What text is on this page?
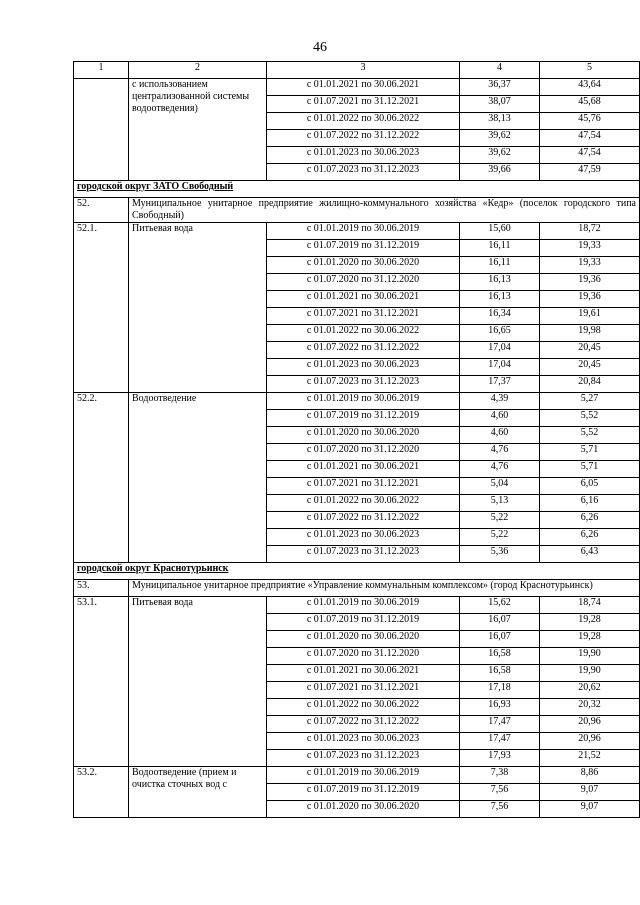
46
1	2	3	4	5
	с использованием централизованной системы водоотведения)	с 01.01.2021 по 30.06.2021	36,37	43,64
		с 01.07.2021 по 31.12.2021	38,07	45,68
		с 01.01.2022 по 30.06.2022	38,13	45,76
		с 01.07.2022 по 31.12.2022	39,62	47,54
		с 01.01.2023 по 30.06.2023	39,62	47,54
		с 01.07.2023 по 31.12.2023	39,66	47,59
городской округ ЗАТО Свободный				
52.	Муниципальное унитарное предприятие жилищно-коммунального хозяйства «Кедр» (поселок городского типа Свободный)			
52.1.	Питьевая вода	с 01.01.2019 по 30.06.2019	15,60	18,72
		с 01.07.2019 по 31.12.2019	16,11	19,33
		с 01.01.2020 по 30.06.2020	16,11	19,33
		с 01.07.2020 по 31.12.2020	16,13	19,36
		с 01.01.2021 по 30.06.2021	16,13	19,36
		с 01.07.2021 по 31.12.2021	16,34	19,61
		с 01.01.2022 по 30.06.2022	16,65	19,98
		с 01.07.2022 по 31.12.2022	17,04	20,45
		с 01.01.2023 по 30.06.2023	17,04	20,45
		с 01.07.2023 по 31.12.2023	17,37	20,84
52.2.	Водоотведение	с 01.01.2019 по 30.06.2019	4,39	5,27
		с 01.07.2019 по 31.12.2019	4,60	5,52
		с 01.01.2020 по 30.06.2020	4,60	5,52
		с 01.07.2020 по 31.12.2020	4,76	5,71
		с 01.01.2021 по 30.06.2021	4,76	5,71
		с 01.07.2021 по 31.12.2021	5,04	6,05
		с 01.01.2022 по 30.06.2022	5,13	6,16
		с 01.07.2022 по 31.12.2022	5,22	6,26
		с 01.01.2023 по 30.06.2023	5,22	6,26
		с 01.07.2023 по 31.12.2023	5,36	6,43
городской округ Краснотурьинск				
53.	Муниципальное унитарное предприятие «Управление коммунальным комплексом» (город Краснотурьинск)			
53.1.	Питьевая вода	с 01.01.2019 по 30.06.2019	15,62	18,74
		с 01.07.2019 по 31.12.2019	16,07	19,28
		с 01.01.2020 по 30.06.2020	16,07	19,28
		с 01.07.2020 по 31.12.2020	16,58	19,90
		с 01.01.2021 по 30.06.2021	16,58	19,90
		с 01.07.2021 по 31.12.2021	17,18	20,62
		с 01.01.2022 по 30.06.2022	16,93	20,32
		с 01.07.2022 по 31.12.2022	17,47	20,96
		с 01.01.2023 по 30.06.2023	17,47	20,96
		с 01.07.2023 по 31.12.2023	17,93	21,52
53.2.	Водоотведение (прием и очистка сточных вод с	с 01.01.2019 по 30.06.2019	7,38	8,86
		с 01.07.2019 по 31.12.2019	7,56	9,07
		с 01.01.2020 по 30.06.2020	7,56	9,07
